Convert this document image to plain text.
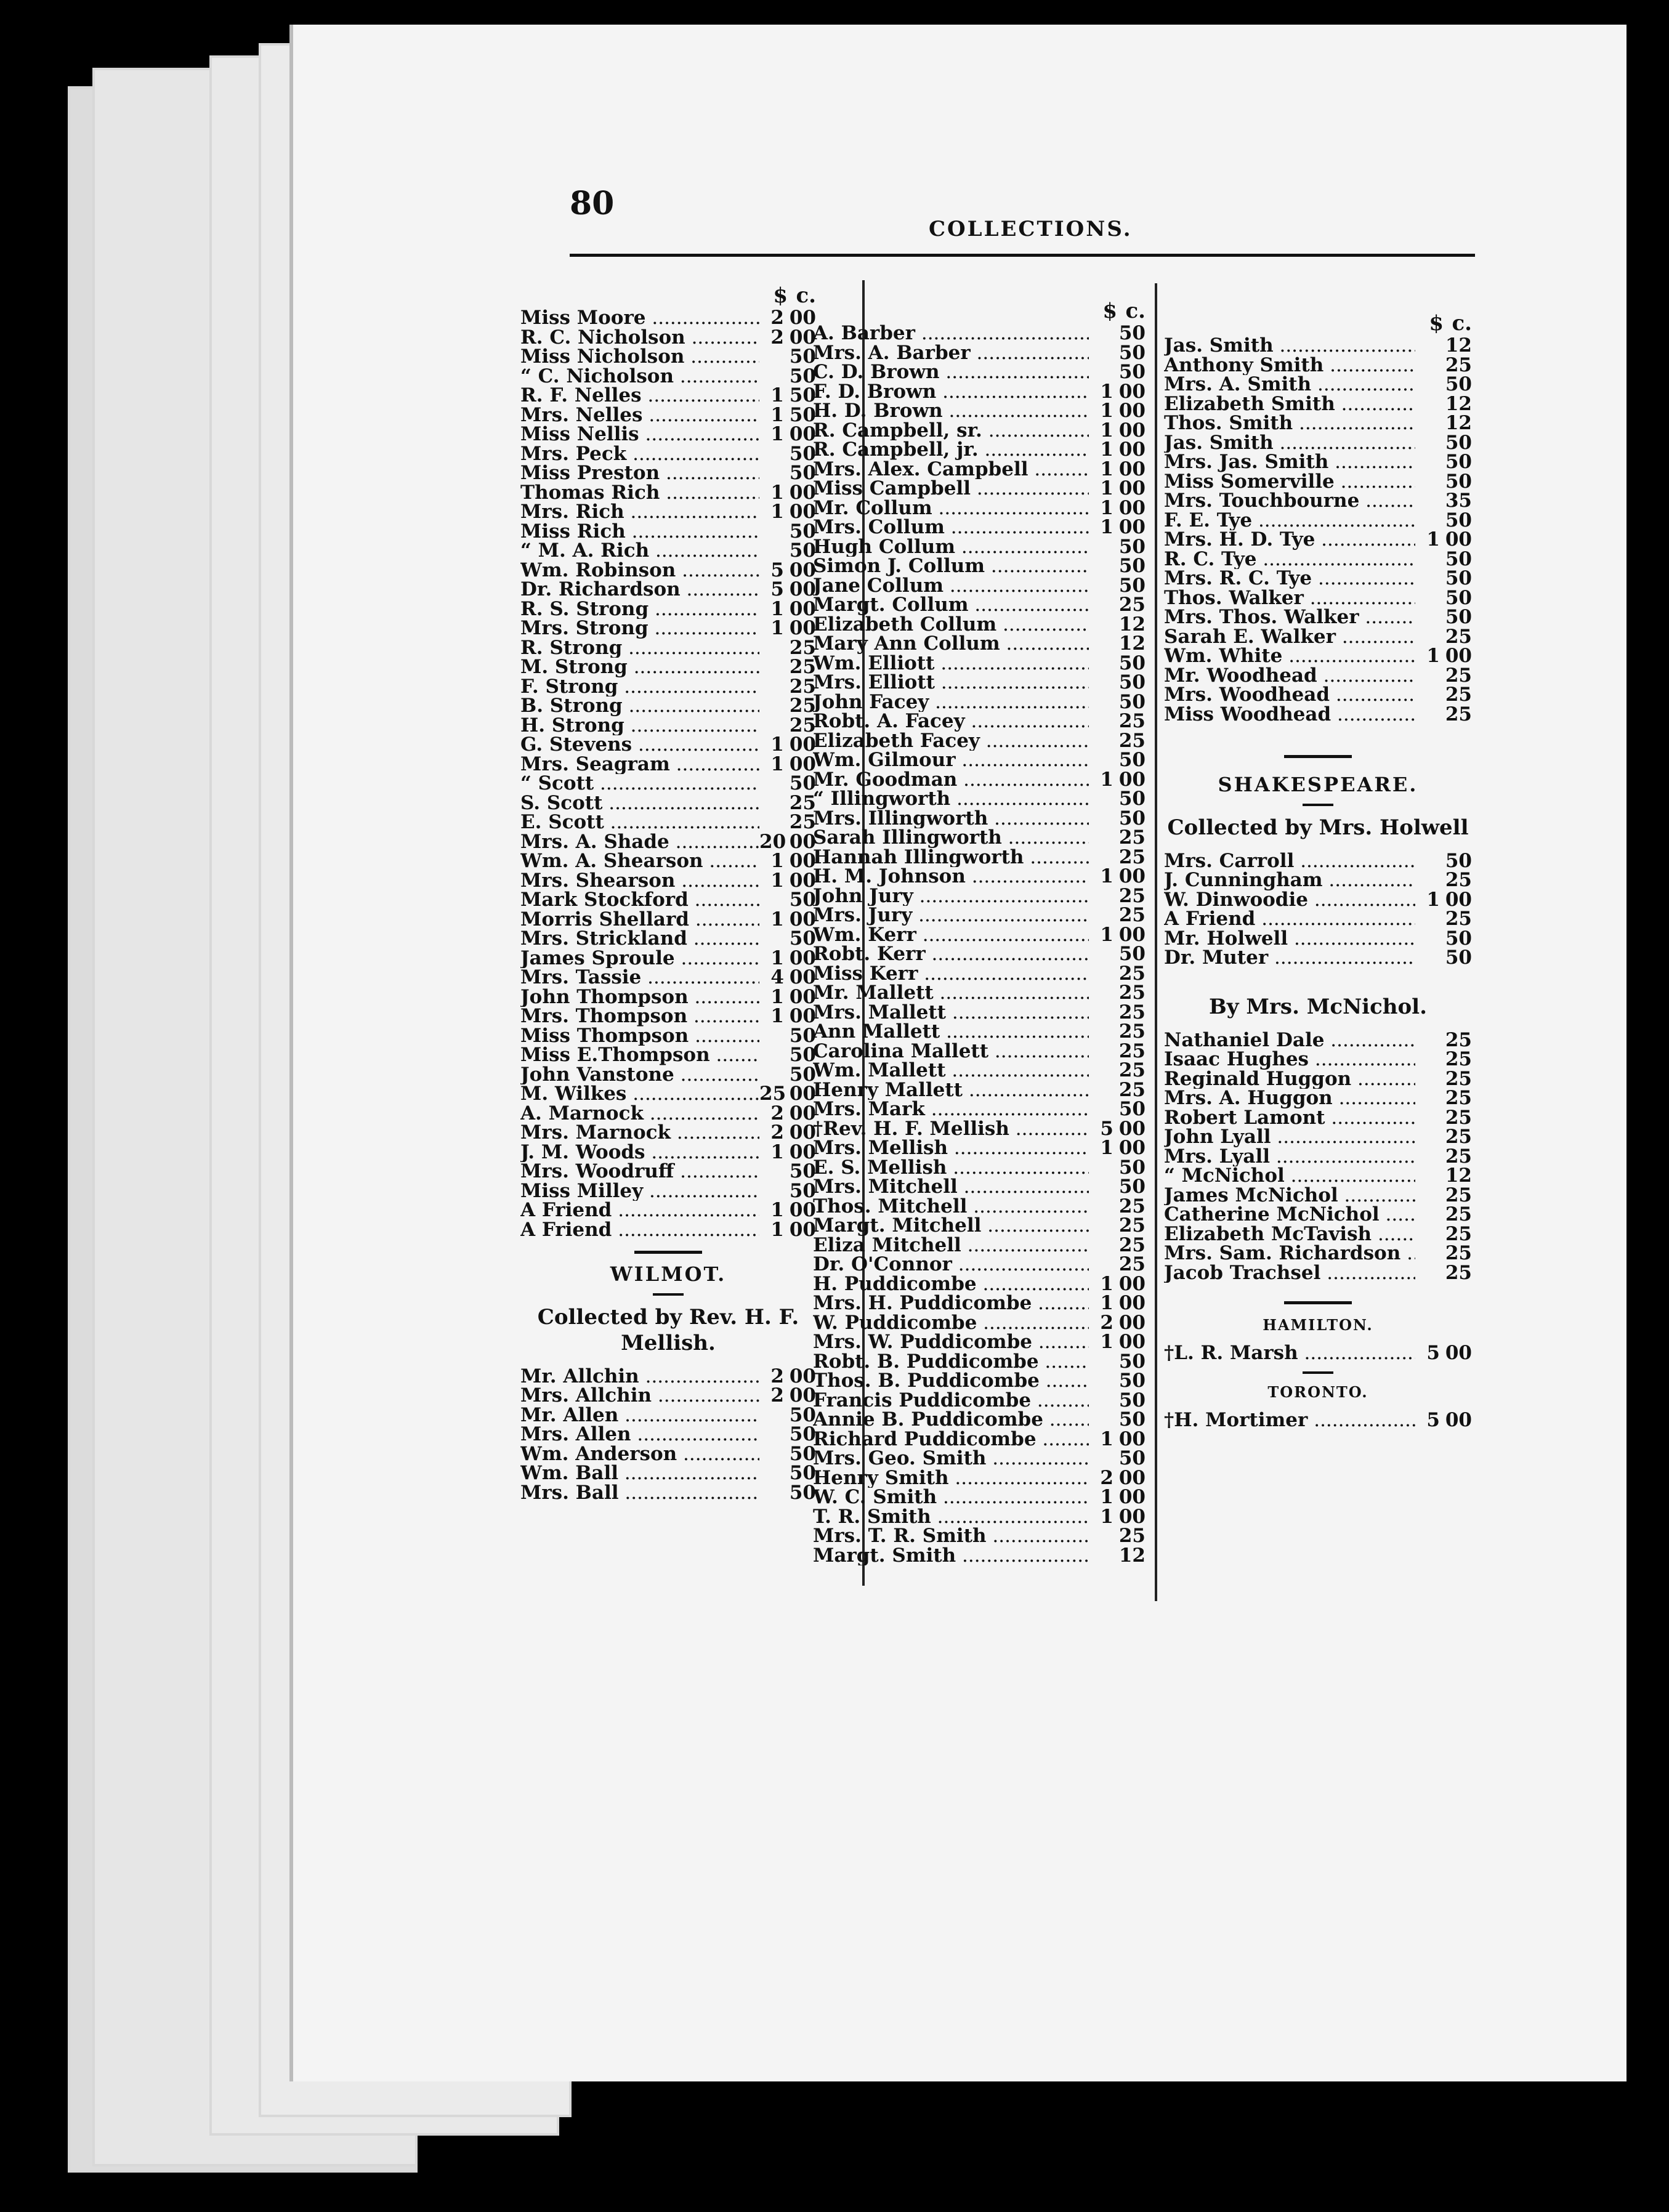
80
COLLECTIONS.
$ c.
Miss Moore .....	2 00
R. C. Nicholson .....	2 00
Miss Nicholson .....	50
“ C. Nicholson .....	50
R. F. Nelles .....	1 50
Mrs. Nelles .....	1 50
Miss Nellis .....	1 00
Mrs. Peck .....	50
Miss Preston .....	50
Thomas Rich .....	1 00
Mrs. Rich .....	1 00
Miss Rich .....	50
“ M. A. Rich .....	50
Wm. Robinson .....	5 00
Dr. Richardson .....	5 00
R. S. Strong .....	1 00
Mrs. Strong .....	1 00
R. Strong .....	25
M. Strong .....	25
F. Strong .....	25
B. Strong .....	25
H. Strong .....	25
G. Stevens .....	1 00
Mrs. Seagram .....	1 00
“ Scott .....	50
S. Scott .....	25
E. Scott .....	25
Mrs. A. Shade .....	20 00
Wm. A. Shearson .....	1 00
Mrs. Shearson .....	1 00
Mark Stockford .....	50
Morris Shellard .....	1 00
Mrs. Strickland .....	50
James Sproule .....	1 00
Mrs. Tassie .....	4 00
John Thompson .....	1 00
Mrs. Thompson .....	1 00
Miss Thompson .....	50
Miss E.Thompson .....	50
John Vanstone .....	50
M. Wilkes .....	25 00
A. Marnock .....	2 00
Mrs. Marnock .....	2 00
J. M. Woods .....	1 00
Mrs. Woodruff .....	50
Miss Milley .....	50
A Friend .....	1 00
A Friend .....	1 00
WILMOT.
Collected by Rev. H. F.
Mellish.
Mr. Allchin .....	2 00
Mrs. Allchin .....	2 00
Mr. Allen .....	50
Mrs. Allen .....	50
Wm. Anderson .....	50
Wm. Ball .....	50
Mrs. Ball .....	50
$ c.
A. Barber .....	50
Mrs. A. Barber .....	50
C. D. Brown .....	50
F. D. Brown .....	1 00
H. D. Brown .....	1 00
R. Campbell, sr. .....	1 00
R. Campbell, jr. .....	1 00
Mrs. Alex. Campbell .....	1 00
Miss Campbell .....	1 00
Mr. Collum .....	1 00
Mrs. Collum .....	1 00
Hugh Collum .....	50
Simon J. Collum .....	50
Jane Collum .....	50
Margt. Collum .....	25
Elizabeth Collum .....	12
Mary Ann Collum .....	12
Wm. Elliott .....	50
Mrs. Elliott .....	50
John Facey .....	50
Robt. A. Facey .....	25
Elizabeth Facey .....	25
Wm. Gilmour .....	50
Mr. Goodman .....	1 00
“ Illingworth .....	50
Mrs. Illingworth .....	50
Sarah Illingworth .....	25
Hannah Illingworth .....	25
H. M. Johnson .....	1 00
John Jury .....	25
Mrs. Jury .....	25
Wm. Kerr .....	1 00
Robt. Kerr .....	50
Miss Kerr .....	25
Mr. Mallett .....	25
Mrs. Mallett .....	25
Ann Mallett .....	25
Carolina Mallett .....	25
Wm. Mallett .....	25
Henry Mallett .....	25
Mrs. Mark .....	50
†Rev. H. F. Mellish .....	5 00
Mrs. Mellish .....	1 00
E. S. Mellish .....	50
Mrs. Mitchell .....	50
Thos. Mitchell .....	25
Margt. Mitchell .....	25
Eliza Mitchell .....	25
Dr. O'Connor .....	25
H. Puddicombe .....	1 00
Mrs. H. Puddicombe .....	1 00
W. Puddicombe .....	2 00
Mrs. W. Puddicombe .....	1 00
Robt. B. Puddicombe .....	50
Thos. B. Puddicombe .....	50
Francis Puddicombe .....	50
Annie B. Puddicombe .....	50
Richard Puddicombe .....	1 00
Mrs. Geo. Smith .....	50
Henry Smith .....	2 00
W. C. Smith .....	1 00
T. R. Smith .....	1 00
Mrs. T. R. Smith .....	25
Margt. Smith .....	12
$ c.
Jas. Smith .....	12
Anthony Smith .....	25
Mrs. A. Smith .....	50
Elizabeth Smith .....	12
Thos. Smith .....	12
Jas. Smith .....	50
Mrs. Jas. Smith .....	50
Miss Somerville .....	50
Mrs. Touchbourne .....	35
F. E. Tye .....	50
Mrs. H. D. Tye .....	1 00
R. C. Tye .....	50
Mrs. R. C. Tye .....	50
Thos. Walker .....	50
Mrs. Thos. Walker .....	50
Sarah E. Walker .....	25
Wm. White .....	1 00
Mr. Woodhead .....	25
Mrs. Woodhead .....	25
Miss Woodhead .....	25
SHAKESPEARE.
Collected by Mrs. Holwell
Mrs. Carroll .....	50
J. Cunningham .....	25
W. Dinwoodie .....	1 00
A Friend .....	25
Mr. Holwell .....	50
Dr. Muter .....	50
By Mrs. McNichol.
Nathaniel Dale .....	25
Isaac Hughes .....	25
Reginald Huggon .....	25
Mrs. A. Huggon .....	25
Robert Lamont .....	25
John Lyall .....	25
Mrs. Lyall .....	25
“ McNichol .....	12
James McNichol .....	25
Catherine McNichol .....	25
Elizabeth McTavish .....	25
Mrs. Sam. Richardson .....	25
Jacob Trachsel .....	25
HAMILTON.
†L. R. Marsh .....	5 00
TORONTO.
†H. Mortimer .....	5 00
